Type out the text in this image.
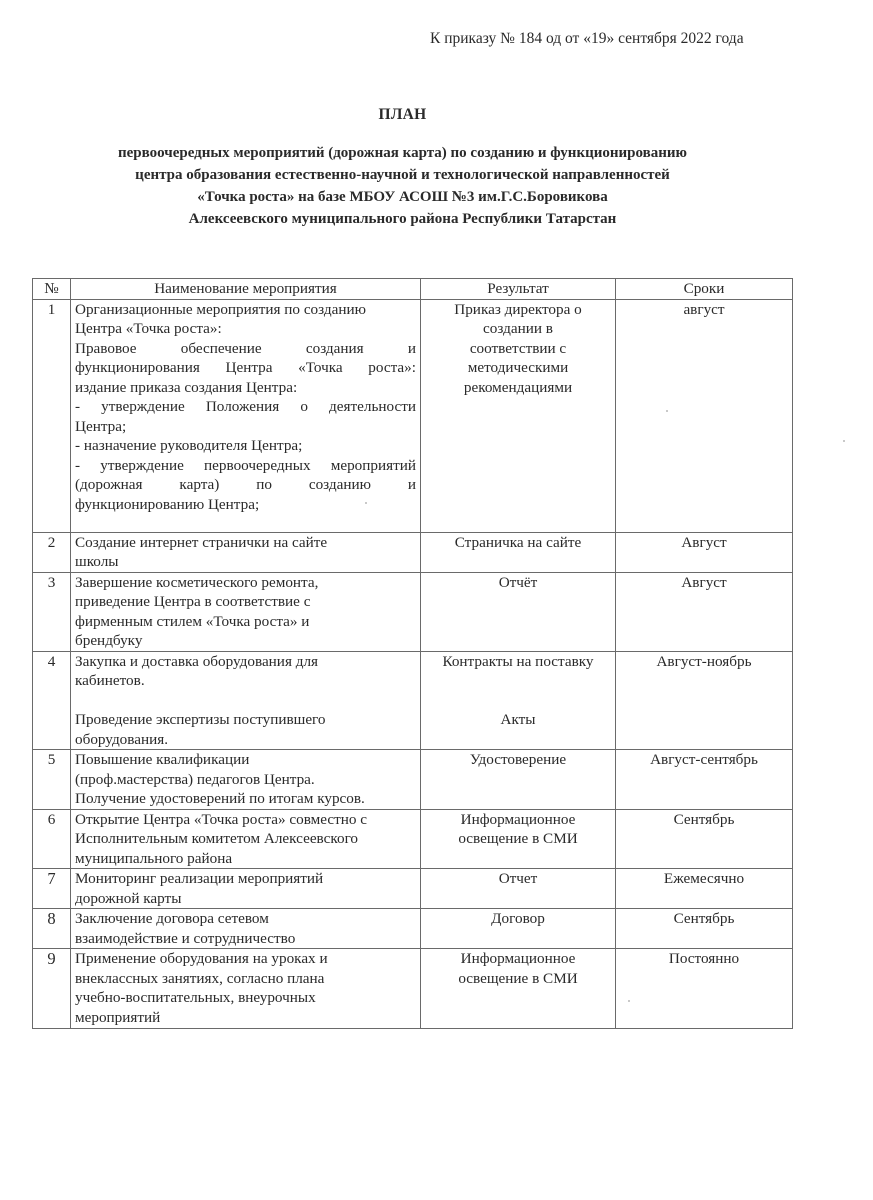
К приказу № 184 од от «19» сентября 2022 года
ПЛАН
первоочередных мероприятий (дорожная карта) по созданию и функционированию
центра образования естественно-научной и технологической направленностей
«Точка роста» на базе МБОУ АСОШ №3 им.Г.С.Боровикова
Алексеевского муниципального района Республики Татарстан
№	Наименование мероприятия	Результат	Сроки
1	Организационные мероприятия по созданию
Центра «Точка роста»:
Правовое обеспечение создания и
функционирования Центра «Точка роста»:
издание приказа создания Центра:
- утверждение Положения о деятельности
Центра;
- назначение руководителя Центра;
- утверждение первоочередных мероприятий
(дорожная карта) по созданию и
функционированию Центра;
	Приказ директора о создании в соответствии с методическими рекомендациями	август
2	Создание интернет странички на сайте
школы	Страничка на сайте	Август
3	Завершение косметического ремонта,
приведение Центра в соответствие с
фирменным стилем «Точка роста» и
брендбуку	Отчёт	Август
4	Закупка и доставка оборудования для
кабинетов.
Проведение экспертизы поступившего
оборудования.	Контракты на поставку
Акты	Август-ноябрь
5	Повышение квалификации
(проф.мастерства) педагогов Центра.
Получение удостоверений по итогам курсов.	Удостоверение	Август-сентябрь
6	Открытие Центра «Точка роста» совместно с
Исполнительным комитетом Алексеевского
муниципального района	Информационное освещение в СМИ	Сентябрь
7	Мониторинг реализации мероприятий
дорожной карты	Отчет	Ежемесячно
8	Заключение договора сетевом
взаимодействие и сотрудничество	Договор	Сентябрь
9	Применение оборудования на уроках и
внеклассных занятиях, согласно плана
учебно-воспитательных, внеурочных
мероприятий	Информационное освещение в СМИ	Постоянно
